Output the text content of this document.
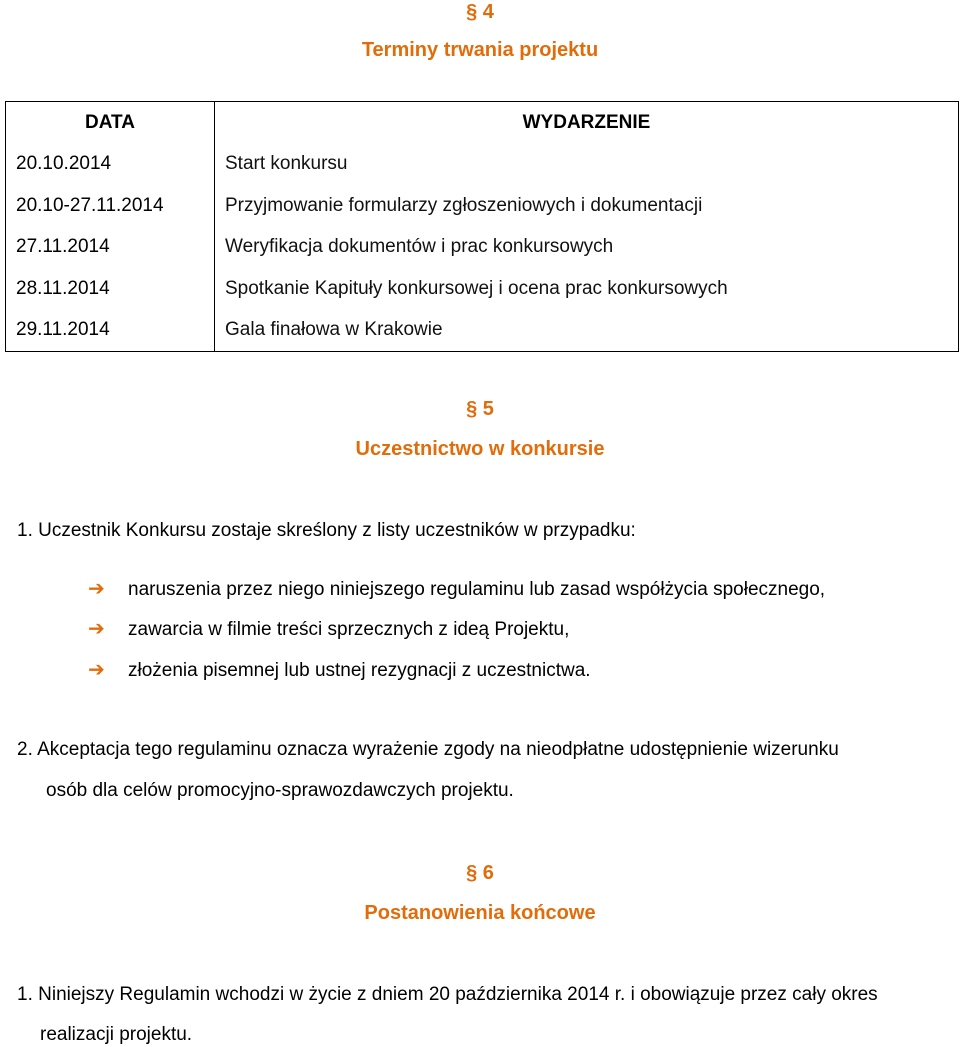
§ 4
Terminy trwania projektu
DATA	WYDARZENIE
20.10.2014	Start konkursu
20.10-27.11.2014	Przyjmowanie formularzy zgłoszeniowych i dokumentacji
27.11.2014	Weryfikacja dokumentów i prac konkursowych
28.11.2014	Spotkanie Kapituły konkursowej i ocena prac konkursowych
29.11.2014	Gala finałowa w Krakowie
§ 5
Uczestnictwo w konkursie
1. Uczestnik Konkursu zostaje skreślony z listy uczestników w przypadku:
➔ naruszenia przez niego niniejszego regulaminu lub zasad współżycia społecznego,
➔ zawarcia w filmie treści sprzecznych z ideą Projektu,
➔ złożenia pisemnej lub ustnej rezygnacji z uczestnictwa.
2. Akceptacja tego regulaminu oznacza wyrażenie zgody na nieodpłatne udostępnienie wizerunku
osób dla celów promocyjno-sprawozdawczych projektu.
§ 6
Postanowienia końcowe
1. Niniejszy Regulamin wchodzi w życie z dniem 20 października 2014 r. i obowiązuje przez cały okres
realizacji projektu.
